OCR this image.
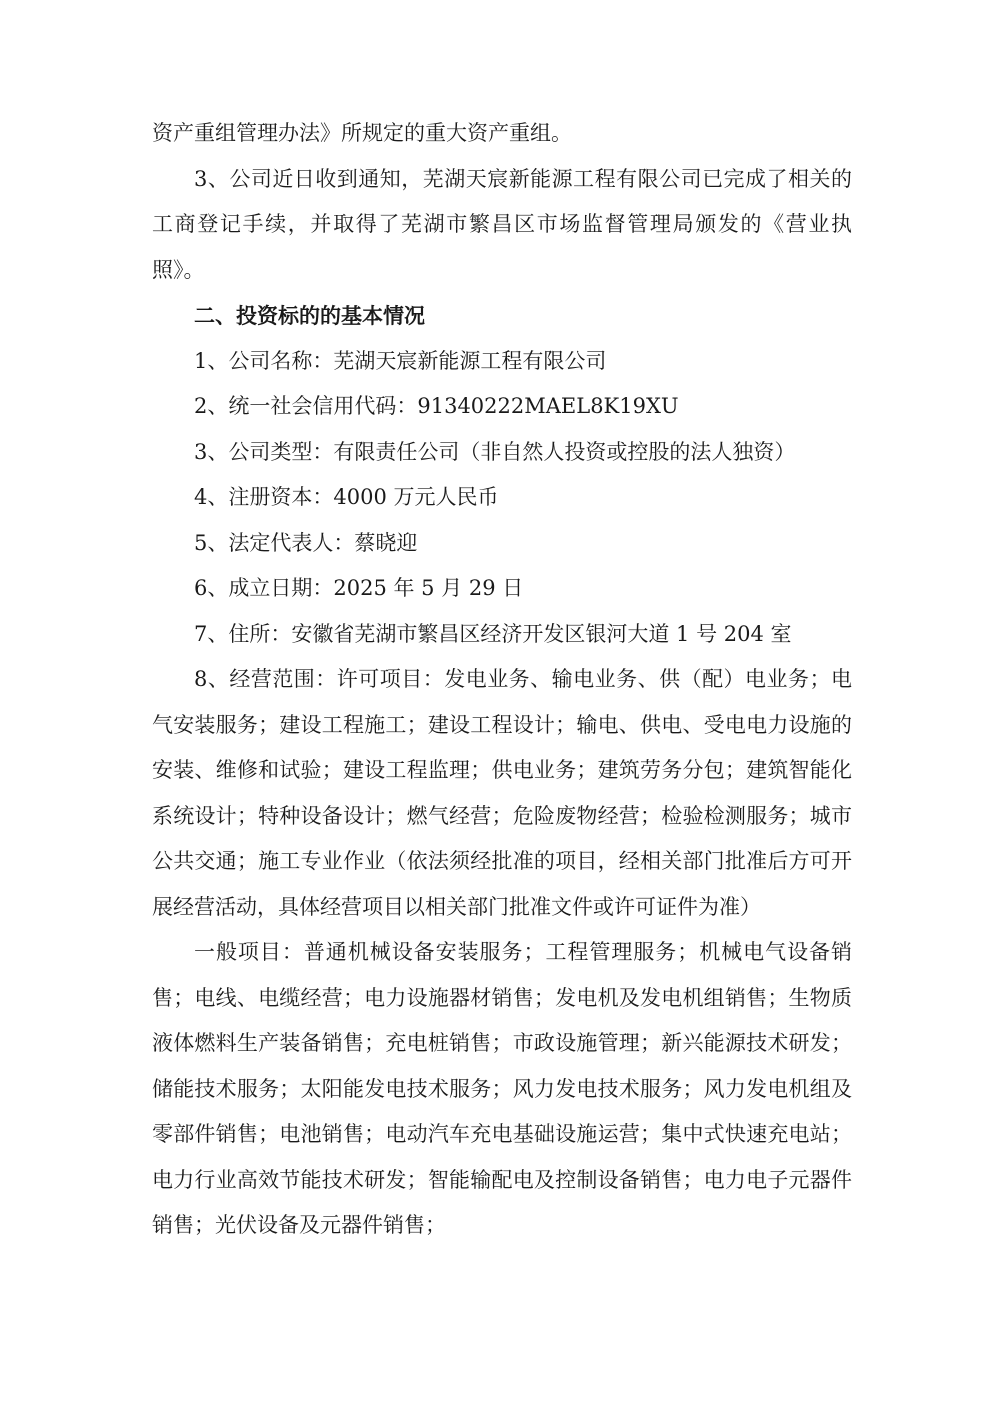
资产重组管理办法》所规定的重大资产重组。

3、公司近日收到通知，芜湖天宸新能源工程有限公司已完成了相关的工商登记手续，并取得了芜湖市繁昌区市场监督管理局颁发的《营业执照》。

二、投资标的的基本情况

1、公司名称：芜湖天宸新能源工程有限公司

2、统一社会信用代码：91340222MAEL8K19XU

3、公司类型：有限责任公司（非自然人投资或控股的法人独资）

4、注册资本：4000 万元人民币

5、法定代表人：蔡晓迎

6、成立日期：2025 年 5 月 29 日

7、住所：安徽省芜湖市繁昌区经济开发区银河大道 1 号 204 室

8、经营范围：许可项目：发电业务、输电业务、供（配）电业务；电气安装服务；建设工程施工；建设工程设计；输电、供电、受电电力设施的安装、维修和试验；建设工程监理；供电业务；建筑劳务分包；建筑智能化系统设计；特种设备设计；燃气经营；危险废物经营；检验检测服务；城市公共交通；施工专业作业（依法须经批准的项目，经相关部门批准后方可开展经营活动，具体经营项目以相关部门批准文件或许可证件为准）

一般项目：普通机械设备安装服务；工程管理服务；机械电气设备销售；电线、电缆经营；电力设施器材销售；发电机及发电机组销售；生物质液体燃料生产装备销售；充电桩销售；市政设施管理；新兴能源技术研发；储能技术服务；太阳能发电技术服务；风力发电技术服务；风力发电机组及零部件销售；电池销售；电动汽车充电基础设施运营；集中式快速充电站；电力行业高效节能技术研发；智能输配电及控制设备销售；电力电子元器件销售；光伏设备及元器件销售；
